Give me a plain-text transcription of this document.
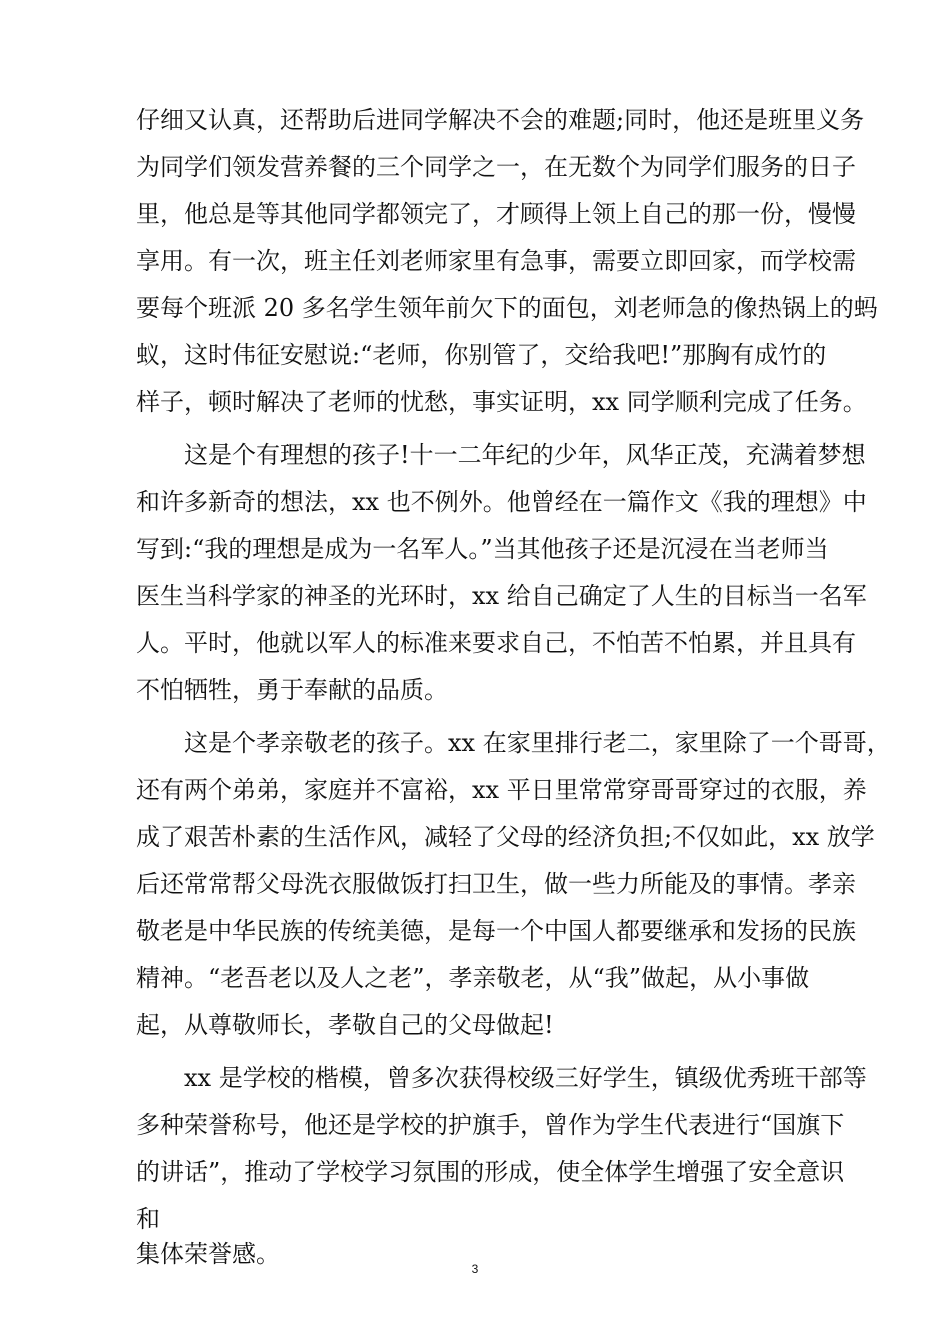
仔细又认真，还帮助后进同学解决不会的难题;同时，他还是班里义务
为同学们领发营养餐的三个同学之一，在无数个为同学们服务的日子
里，他总是等其他同学都领完了，才顾得上领上自己的那一份，慢慢
享用。有一次，班主任刘老师家里有急事，需要立即回家，而学校需
要每个班派 20 多名学生领年前欠下的面包，刘老师急的像热锅上的蚂
蚁，这时伟征安慰说:“老师，你别管了，交给我吧!”那胸有成竹的
样子，顿时解决了老师的忧愁，事实证明，xx 同学顺利完成了任务。
这是个有理想的孩子!十一二年纪的少年，风华正茂，充满着梦想
和许多新奇的想法，xx 也不例外。他曾经在一篇作文《我的理想》中
写到:“我的理想是成为一名军人。”当其他孩子还是沉浸在当老师当
医生当科学家的神圣的光环时，xx 给自己确定了人生的目标当一名军
人。平时，他就以军人的标准来要求自己，不怕苦不怕累，并且具有
不怕牺牲，勇于奉献的品质。
这是个孝亲敬老的孩子。xx 在家里排行老二，家里除了一个哥哥，
还有两个弟弟，家庭并不富裕，xx 平日里常常穿哥哥穿过的衣服，养
成了艰苦朴素的生活作风，减轻了父母的经济负担;不仅如此，xx 放学
后还常常帮父母洗衣服做饭打扫卫生，做一些力所能及的事情。孝亲
敬老是中华民族的传统美德，是每一个中国人都要继承和发扬的民族
精神。“老吾老以及人之老”，孝亲敬老，从“我”做起，从小事做
起，从尊敬师长，孝敬自己的父母做起!
xx 是学校的楷模，曾多次获得校级三好学生，镇级优秀班干部等
多种荣誉称号，他还是学校的护旗手，曾作为学生代表进行“国旗下
的讲话”，推动了学校学习氛围的形成，使全体学生增强了安全意识
和
集体荣誉感。
3
